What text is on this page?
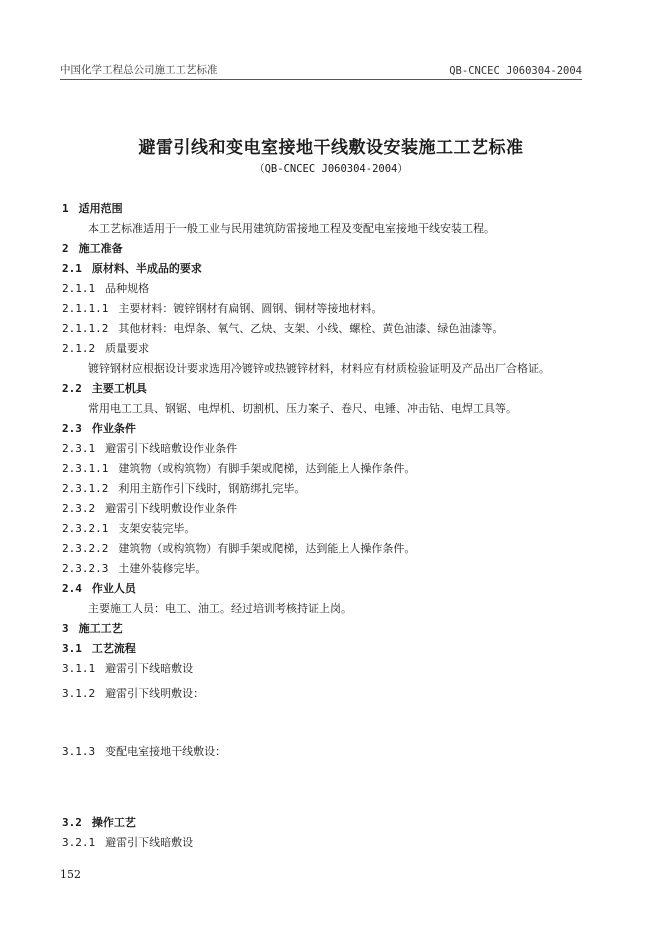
中国化学工程总公司施工工艺标准	QB-CNCEC J060304-2004
避雷引线和变电室接地干线敷设安装施工工艺标准
（QB-CNCEC J060304-2004）
1 适用范围
本工艺标准适用于一般工业与民用建筑防雷接地工程及变配电室接地干线安装工程。
2 施工准备
2.1 原材料、半成品的要求
2.1.1 品种规格
2.1.1.1 主要材料：镀锌钢材有扁钢、圆钢、铜材等接地材料。
2.1.1.2 其他材料：电焊条、氧气、乙炔、支架、小线、螺栓、黄色油漆、绿色油漆等。
2.1.2 质量要求
镀锌钢材应根据设计要求选用冷镀锌或热镀锌材料，材料应有材质检验证明及产品出厂合格证。
2.2 主要工机具
常用电工工具、钢锯、电焊机、切割机、压力案子、卷尺、电锤、冲击钻、电焊工具等。
2.3 作业条件
2.3.1 避雷引下线暗敷设作业条件
2.3.1.1 建筑物（或构筑物）有脚手架或爬梯，达到能上人操作条件。
2.3.1.2 利用主筋作引下线时，钢筋绑扎完毕。
2.3.2 避雷引下线明敷设作业条件
2.3.2.1 支架安装完毕。
2.3.2.2 建筑物（或构筑物）有脚手架或爬梯，达到能上人操作条件。
2.3.2.3 土建外装修完毕。
2.4 作业人员
主要施工人员：电工、油工。经过培训考核持证上岗。
3 施工工艺
3.1 工艺流程
3.1.1 避雷引下线暗敷设
3.1.2 避雷引下线明敷设：
3.1.3 变配电室接地干线敷设：
3.2 操作工艺
3.2.1 避雷引下线暗敷设
152
